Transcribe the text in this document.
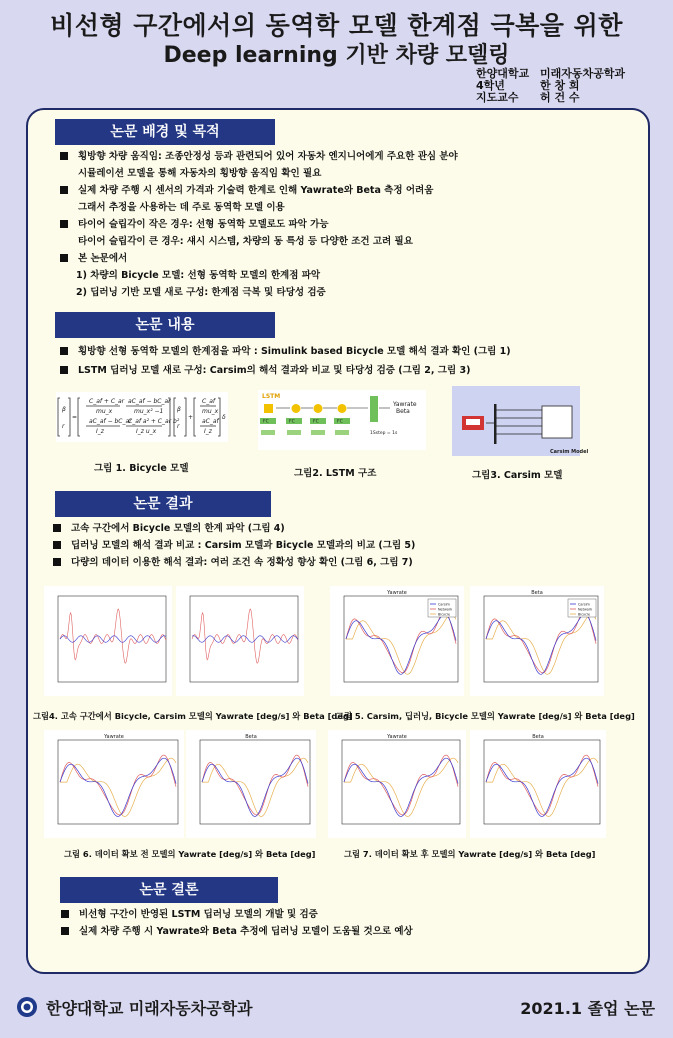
비선형 구간에서의 동역학 모델 한계점 극복을 위한
Deep learning 기반 차량 모델링
한양대학교 미래자동차공학과
4학년	한 창 희
지도교수	허 건 수
논문 배경 및 목적
횡방향 차량 움직임: 조종안정성 등과 관련되어 있어 자동차 엔지니어에게 주요한 관심 분야
시뮬레이션 모델을 통해 자동차의 횡방향 움직임 확인 필요
실제 차량 주행 시 센서의 가격과 기술력 한계로 인해 Yawrate와 Beta 측정 어려움
그래서 추정을 사용하는 데 주로 동역학 모델 이용
타이어 슬립각이 작은 경우: 선형 동역학 모델로도 파악 가능
타이어 슬립각이 큰 경우: 섀시 시스템, 차량의 동 특성 등 다양한 조건 고려 필요
본 논문에서
1) 차량의 Bicycle 모델: 선형 동역학 모델의 한계점 파악
2) 딥러닝 기반 모델 새로 구성: 한계점 극복 및 타당성 검증
논문 내용
횡방향 선형 동역학 모델의 한계점을 파악 : Simulink based Bicycle 모델 해석 결과 확인 (그림 1)
LSTM 딥러닝 모델 새로 구성: Carsim의 해석 결과와 비교 및 타당성 검증 (그림 2, 그림 3)
β
r
=
C_af + C_ar
mu_x
aC_af − bC_ar
mu_x² −1
aC_af − bC_ar
I_z
C_af a² + C_ar b²
I_z u_x
β
r
+
C_af
mu_x
aC_af
I_z
δ
그림 1. Bicycle 모델
LSTM
FC	FC	FC	FC
Yawrate
Beta
1Sstep = 1s
그림2. LSTM 구조
Carsim Model
그림3. Carsim 모델
논문 결과
고속 구간에서 Bicycle 모델의 한계 파악 (그림 4)
딥러닝 모델의 해석 결과 비교 : Carsim 모델과 Bicycle 모델과의 비교 (그림 5)
다량의 데이터 이용한 해석 결과: 여러 조건 속 정확성 향상 확인 (그림 6, 그림 7)
Yawrate
Carsim
Network
Bicycle
Beta
Carsim
Network
Bicycle
그림4. 고속 구간에서 Bicycle, Carsim 모델의 Yawrate [deg/s] 와 Beta [deg]
그림 5. Carsim, 딥러닝, Bicycle 모델의 Yawrate [deg/s] 와 Beta [deg]
Yawrate	Beta	Yawrate	Beta
그림 6. 데이터 확보 전 모델의 Yawrate [deg/s] 와 Beta [deg]	그림 7. 데이터 확보 후 모델의 Yawrate [deg/s] 와 Beta [deg]
논문 결론
비선형 구간이 반영된 LSTM 딥러닝 모델의 개발 및 검증
실제 차량 주행 시 Yawrate와 Beta 추정에 딥러닝 모델이 도움될 것으로 예상
한양대학교 미래자동차공학과	2021.1 졸업 논문
